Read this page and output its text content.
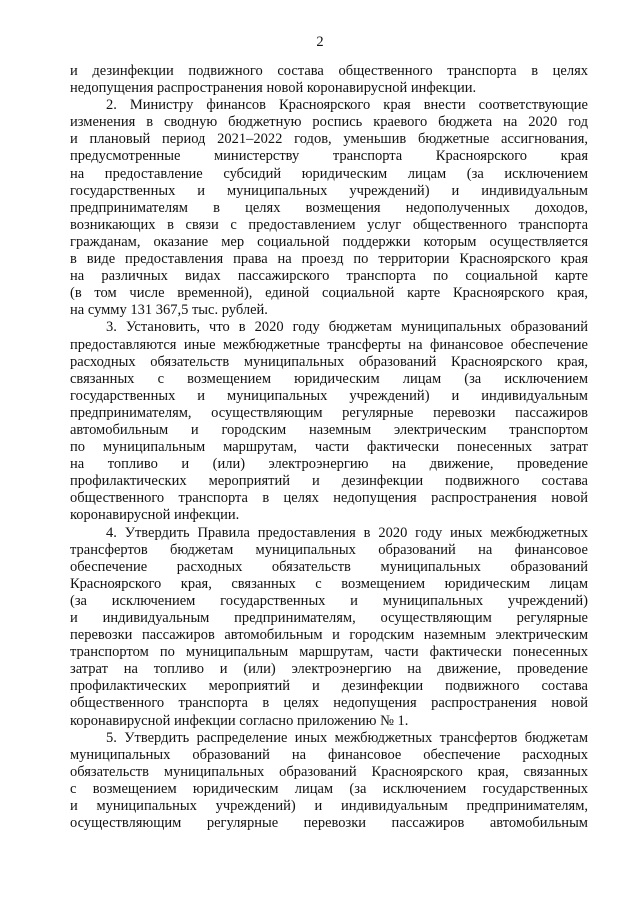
2
и дезинфекции подвижного состава общественного транспорта в целях
недопущения распространения новой коронавирусной инфекции.
2. Министру финансов Красноярского края внести соответствующие
изменения в сводную бюджетную роспись краевого бюджета на 2020 год
и плановый период 2021–2022 годов, уменьшив бюджетные ассигнования,
предусмотренные министерству транспорта Красноярского края
на предоставление субсидий юридическим лицам (за исключением
государственных и муниципальных учреждений) и индивидуальным
предпринимателям в целях возмещения недополученных доходов,
возникающих в связи с предоставлением услуг общественного транспорта
гражданам, оказание мер социальной поддержки которым осуществляется
в виде предоставления права на проезд по территории Красноярского края
на различных видах пассажирского транспорта по социальной карте
(в том числе временной), единой социальной карте Красноярского края,
на сумму 131 367,5 тыс. рублей.
3. Установить, что в 2020 году бюджетам муниципальных образований
предоставляются иные межбюджетные трансферты на финансовое обеспечение
расходных обязательств муниципальных образований Красноярского края,
связанных с возмещением юридическим лицам (за исключением
государственных и муниципальных учреждений) и индивидуальным
предпринимателям, осуществляющим регулярные перевозки пассажиров
автомобильным и городским наземным электрическим транспортом
по муниципальным маршрутам, части фактически понесенных затрат
на топливо и (или) электроэнергию на движение, проведение
профилактических мероприятий и дезинфекции подвижного состава
общественного транспорта в целях недопущения распространения новой
коронавирусной инфекции.
4. Утвердить Правила предоставления в 2020 году иных межбюджетных
трансфертов бюджетам муниципальных образований на финансовое
обеспечение расходных обязательств муниципальных образований
Красноярского края, связанных с возмещением юридическим лицам
(за исключением государственных и муниципальных учреждений)
и индивидуальным предпринимателям, осуществляющим регулярные
перевозки пассажиров автомобильным и городским наземным электрическим
транспортом по муниципальным маршрутам, части фактически понесенных
затрат на топливо и (или) электроэнергию на движение, проведение
профилактических мероприятий и дезинфекции подвижного состава
общественного транспорта в целях недопущения распространения новой
коронавирусной инфекции согласно приложению № 1.
5. Утвердить распределение иных межбюджетных трансфертов бюджетам
муниципальных образований на финансовое обеспечение расходных
обязательств муниципальных образований Красноярского края, связанных
с возмещением юридическим лицам (за исключением государственных
и муниципальных учреждений) и индивидуальным предпринимателям,
осуществляющим регулярные перевозки пассажиров автомобильным
